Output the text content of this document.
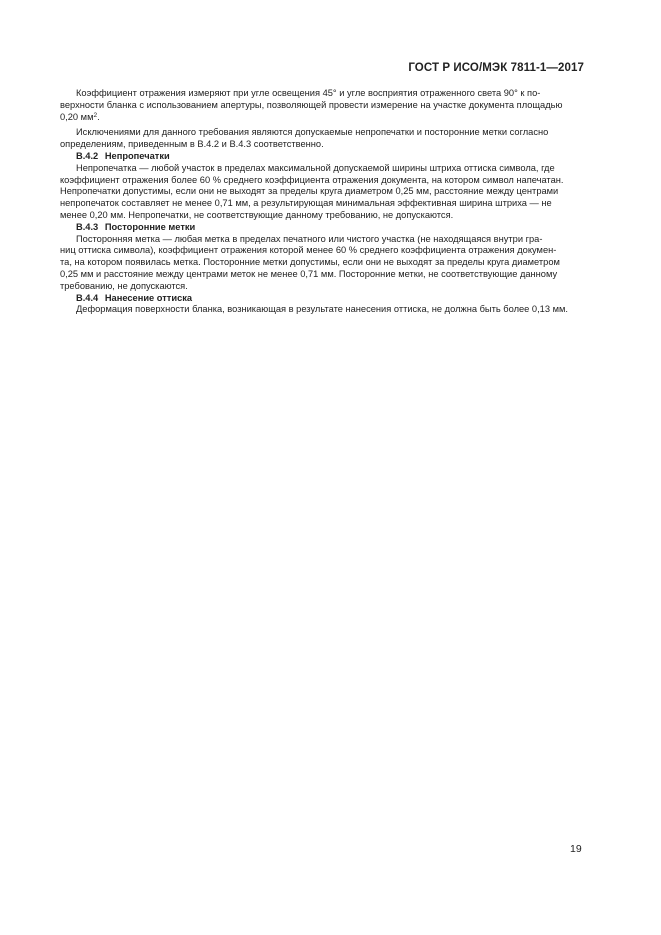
ГОСТ Р ИСО/МЭК 7811-1—2017
Коэффициент отражения измеряют при угле освещения 45° и угле восприятия отраженного света 90° к по-
верхности бланка с использованием апертуры, позволяющей провести измерение на участке документа площадью
0,20 $мм^2$.
Исключениями для данного требования являются допускаемые непропечатки и посторонние метки согласно
определениям, приведенным в B.4.2 и B.4.3 соответственно.

B.4.2 Непропечатки

Непропечатка — любой участок в пределах максимальной допускаемой ширины штриха оттиска символа, где
коэффициент отражения более 60 % среднего коэффициента отражения документа, на котором символ напечатан.
Непропечатки допустимы, если они не выходят за пределы круга диаметром 0,25 мм, расстояние между центрами
непропечаток составляет не менее 0,71 мм, а результирующая минимальная эффективная ширина штриха — не
менее 0,20 мм. Непропечатки, не соответствующие данному требованию, не допускаются.

B.4.3 Посторонние метки

Посторонняя метка — любая метка в пределах печатного или чистого участка (не находящаяся внутри гра-
ниц оттиска символа), коэффициент отражения которой менее 60 % среднего коэффициента отражения докумен-
та, на котором появилась метка. Посторонние метки допустимы, если они не выходят за пределы круга диаметром
0,25 мм и расстояние между центрами меток не менее 0,71 мм. Посторонние метки, не соответствующие данному
требованию, не допускаются.

B.4.4 Нанесение оттиска

Деформация поверхности бланка, возникающая в результате нанесения оттиска, не должна быть более 0,13 мм.
19
